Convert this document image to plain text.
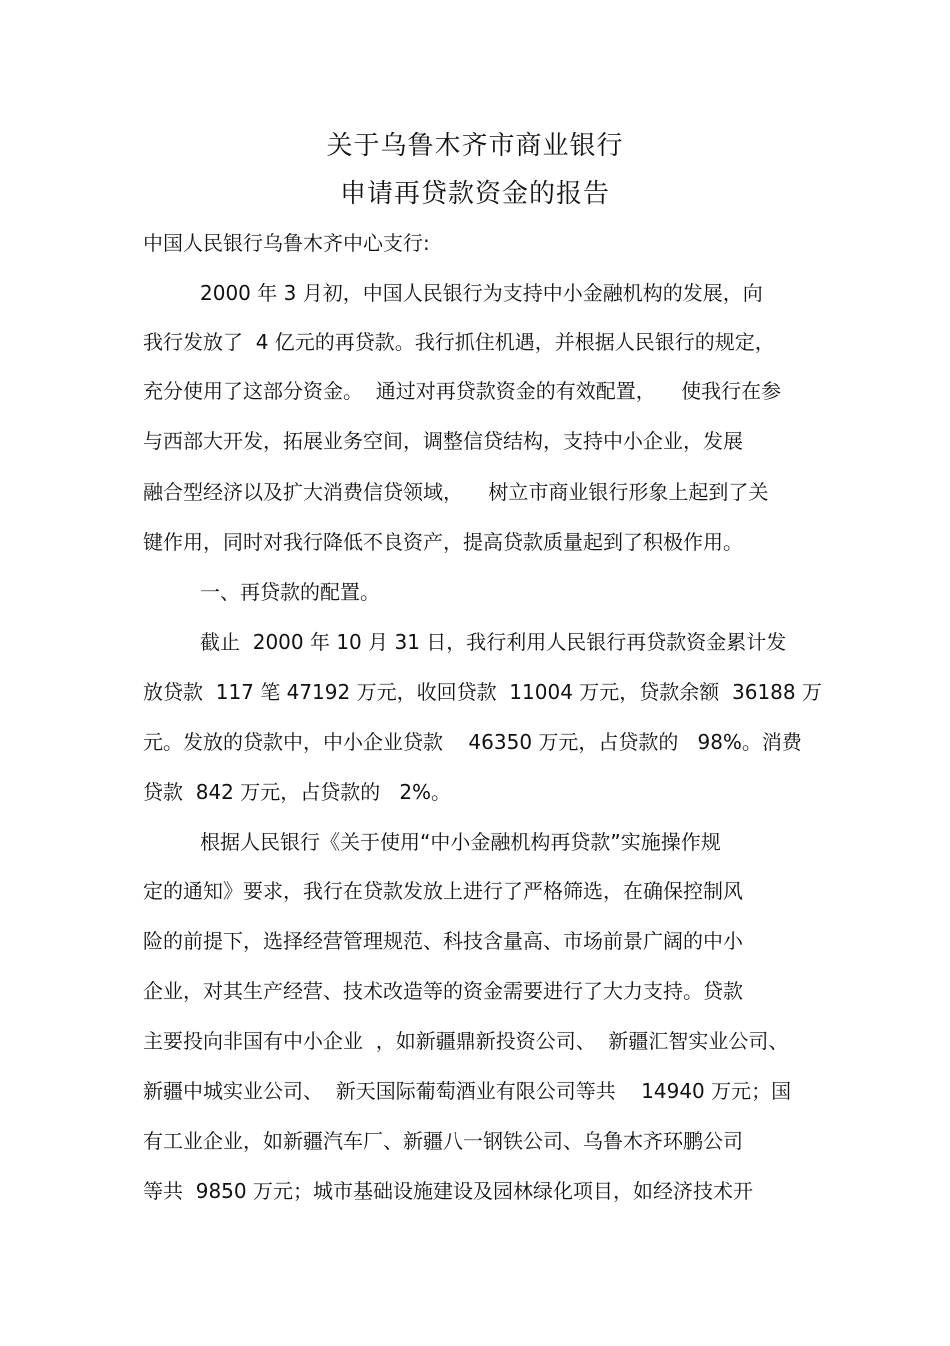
关于乌鲁木齐市商业银行
申请再贷款资金的报告
中国人民银行乌鲁木齐中心支行:
2000 年 3 月初，中国人民银行为支持中小金融机构的发展，向
我行发放了  4 亿元的再贷款。我行抓住机遇，并根据人民银行的规定，
充分使用了这部分资金。  通过对再贷款资金的有效配置，    使我行在参
与西部大开发，拓展业务空间，调整信贷结构，支持中小企业，发展
融合型经济以及扩大消费信贷领域，    树立市商业银行形象上起到了关
键作用，同时对我行降低不良资产，提高贷款质量起到了积极作用。
一、再贷款的配置。
截止  2000 年 10 月 31 日，我行利用人民银行再贷款资金累计发
放贷款  117 笔 47192 万元，收回贷款  11004 万元，贷款余额  36188 万
元。发放的贷款中，中小企业贷款    46350 万元，占贷款的   98%。消费
贷款  842 万元，占贷款的   2%。
根据人民银行《关于使用“中小金融机构再贷款”实施操作规
定的通知》要求，我行在贷款发放上进行了严格筛选，在确保控制风
险的前提下，选择经营管理规范、科技含量高、市场前景广阔的中小
企业，对其生产经营、技术改造等的资金需要进行了大力支持。贷款
主要投向非国有中小企业  ，如新疆鼎新投资公司、  新疆汇智实业公司、
新疆中城实业公司、  新天国际葡萄酒业有限公司等共    14940 万元；国
有工业企业，如新疆汽车厂、新疆八一钢铁公司、乌鲁木齐环鹏公司
等共  9850 万元；城市基础设施建设及园林绿化项目，如经济技术开
